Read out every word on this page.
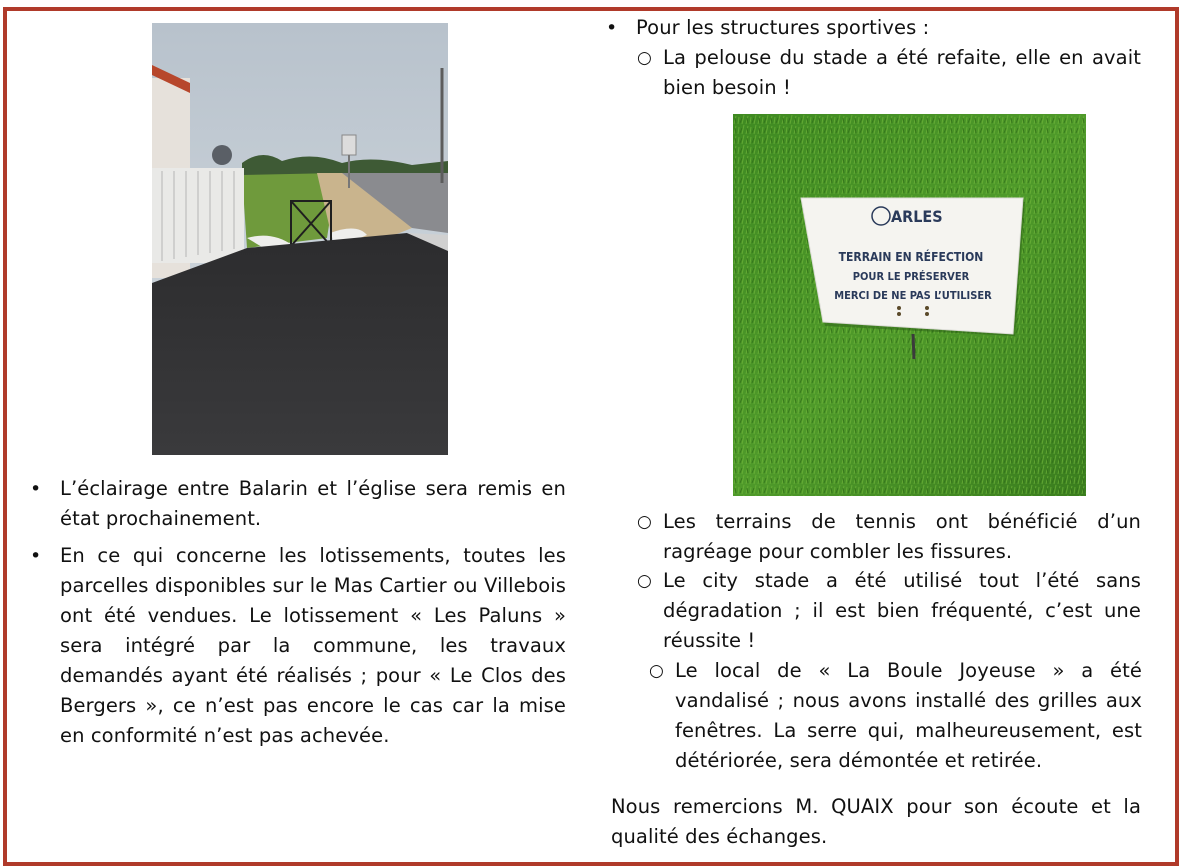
• L’éclairage entre Balarin et l’église sera remis en état prochainement.
• En ce qui concerne les lotissements, toutes les parcelles disponibles sur le Mas Cartier ou Villebois ont été vendues. Le lotissement « Les Paluns » sera intégré par la commune, les travaux demandés ayant été réalisés ; pour « Le Clos des Bergers », ce n’est pas encore le cas car la mise en conformité n’est pas achevée.
• Pour les structures sportives :
○ La pelouse du stade a été refaite, elle en avait bien besoin !
ARLES
TERRAIN EN RÉFECTION
POUR LE PRÉSERVER
MERCI DE NE PAS L’UTILISER
○ Les terrains de tennis ont bénéficié d’un ragréage pour combler les fissures.
○ Le city stade a été utilisé tout l’été sans dégradation ; il est bien fréquenté, c’est une réussite !
○ Le local de « La Boule Joyeuse » a été vandalisé ; nous avons installé des grilles aux fenêtres. La serre qui, malheureusement, est détériorée, sera démontée et retirée.
Nous remercions M. QUAIX pour son écoute et la qualité des échanges.
